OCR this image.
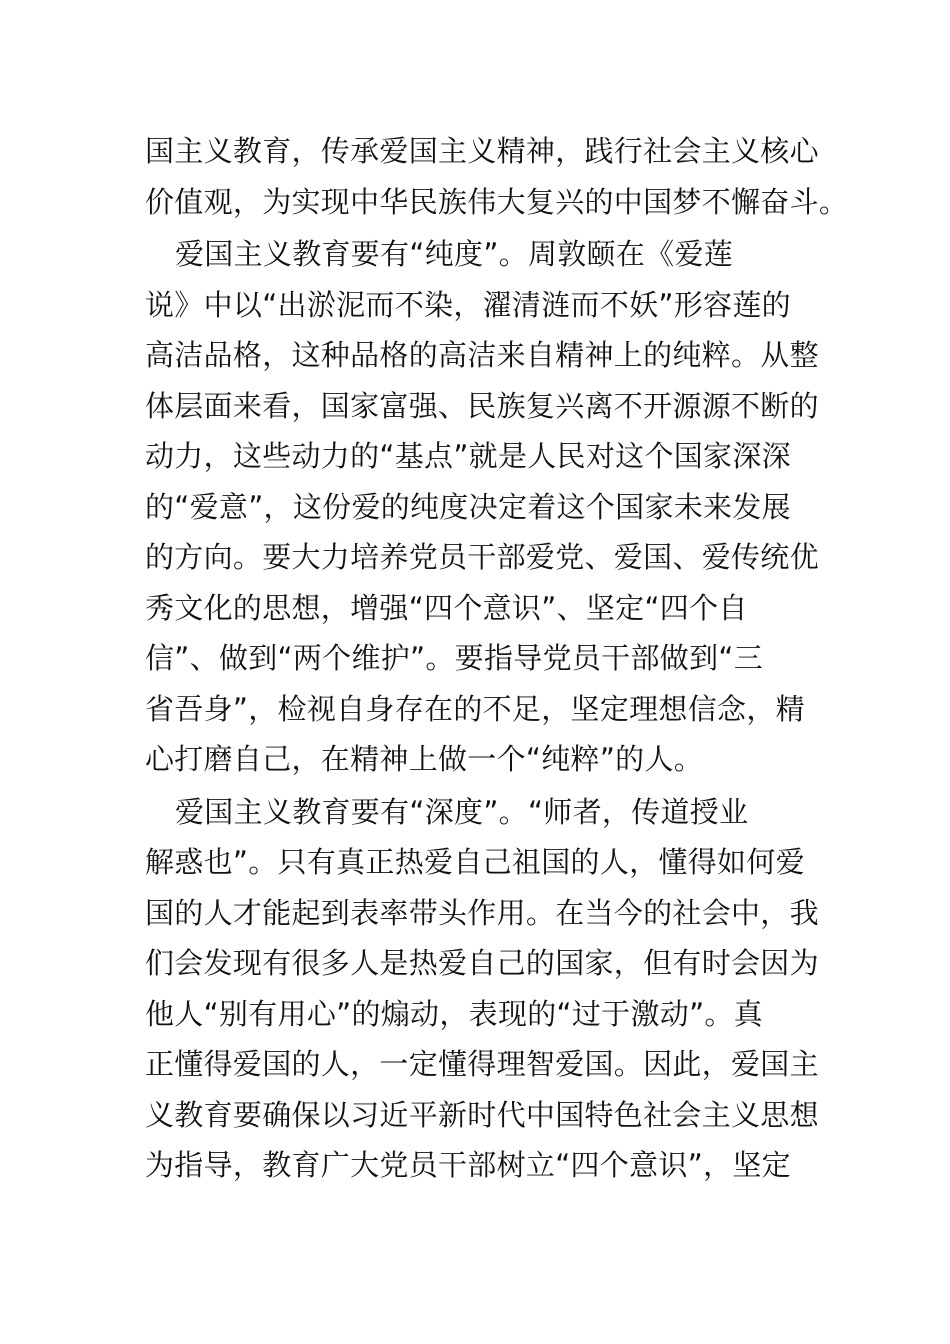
国主义教育，传承爱国主义精神，践行社会主义核心
价值观，为实现中华民族伟大复兴的中国梦不懈奋斗。
爱国主义教育要有“纯度”。周敦颐在《爱莲
说》中以“出淤泥而不染，濯清涟而不妖”形容莲的
高洁品格，这种品格的高洁来自精神上的纯粹。从整
体层面来看，国家富强、民族复兴离不开源源不断的
动力，这些动力的“基点”就是人民对这个国家深深
的“爱意”，这份爱的纯度决定着这个国家未来发展
的方向。要大力培养党员干部爱党、爱国、爱传统优
秀文化的思想，增强“四个意识”、坚定“四个自
信”、做到“两个维护”。要指导党员干部做到“三
省吾身”，检视自身存在的不足，坚定理想信念，精
心打磨自己，在精神上做一个“纯粹”的人。
爱国主义教育要有“深度”。“师者，传道授业
解惑也”。只有真正热爱自己祖国的人，懂得如何爱
国的人才能起到表率带头作用。在当今的社会中，我
们会发现有很多人是热爱自己的国家，但有时会因为
他人“别有用心”的煽动，表现的“过于激动”。真
正懂得爱国的人，一定懂得理智爱国。因此，爱国主
义教育要确保以习近平新时代中国特色社会主义思想
为指导，教育广大党员干部树立“四个意识”，坚定
